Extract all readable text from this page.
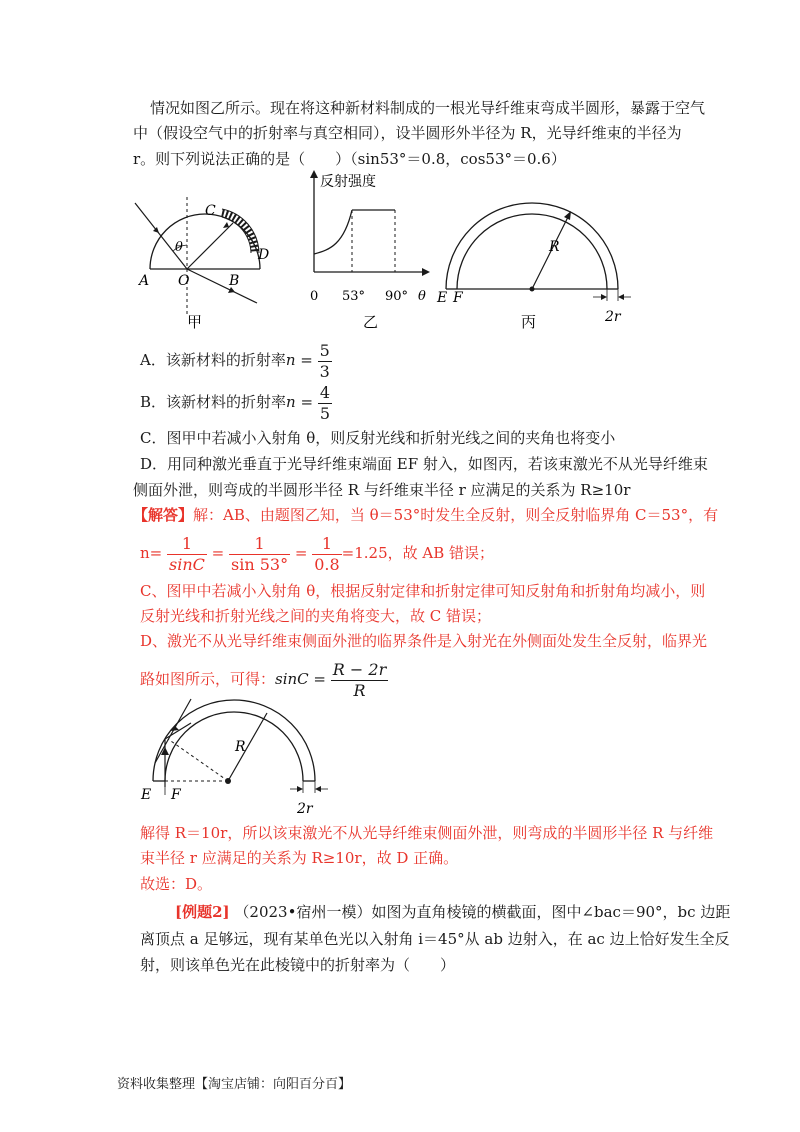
情况如图乙所示。现在将这种新材料制成的一根光导纤维束弯成半圆形，暴露于空气
中（假设空气中的折射率与真空相同），设半圆形外半径为 R，光导纤维束的半径为
r。则下列说法正确的是（　　）（sin53°＝0.8，cos53°＝0.6）
A O	B
C
D
θ
甲
反射强度
0 53° 90° θ
乙
E F
R
2r
丙
A．该新材料的折射率$n = \frac{5}{3}$
B．该新材料的折射率$n = \frac{4}{5}$
C．图甲中若减小入射角 θ，则反射光线和折射光线之间的夹角也将变小
D．用同种激光垂直于光导纤维束端面 EF 射入，如图丙，若该束激光不从光导纤维束
侧面外泄，则弯成的半圆形半径 R 与纤维束半径 r 应满足的关系为 R≥10r
【解答】解：AB、由题图乙知，当 θ＝53°时发生全反射，则全反射临界角 C＝53°，有
$n= \frac{1}{\sin C} = \frac{1}{\sin 53^\circ} = \frac{1}{0.8} =1.25$，故 AB 错误；
C、图甲中若减小入射角 θ，根据反射定律和折射定律可知反射角和折射角均减小，则
反射光线和折射光线之间的夹角将变大，故 C 错误；
D、激光不从光导纤维束侧面外泄的临界条件是入射光在外侧面处发生全反射，临界光
路如图所示，可得：$\sin C = \frac{R - 2r}{R}$
R
E F
2r
解得 R＝10r，所以该束激光不从光导纤维束侧面外泄，则弯成的半圆形半径 R 与纤维
束半径 r 应满足的关系为 R≥10r，故 D 正确。
故选：D。
[例题2] （2023•宿州一模）如图为直角棱镜的横截面，图中∠bac＝90°，bc 边距
离顶点 a 足够远，现有某单色光以入射角 i＝45°从 ab 边射入，在 ac 边上恰好发生全反
射，则该单色光在此棱镜中的折射率为（　　）
资料收集整理【淘宝店铺：向阳百分百】
